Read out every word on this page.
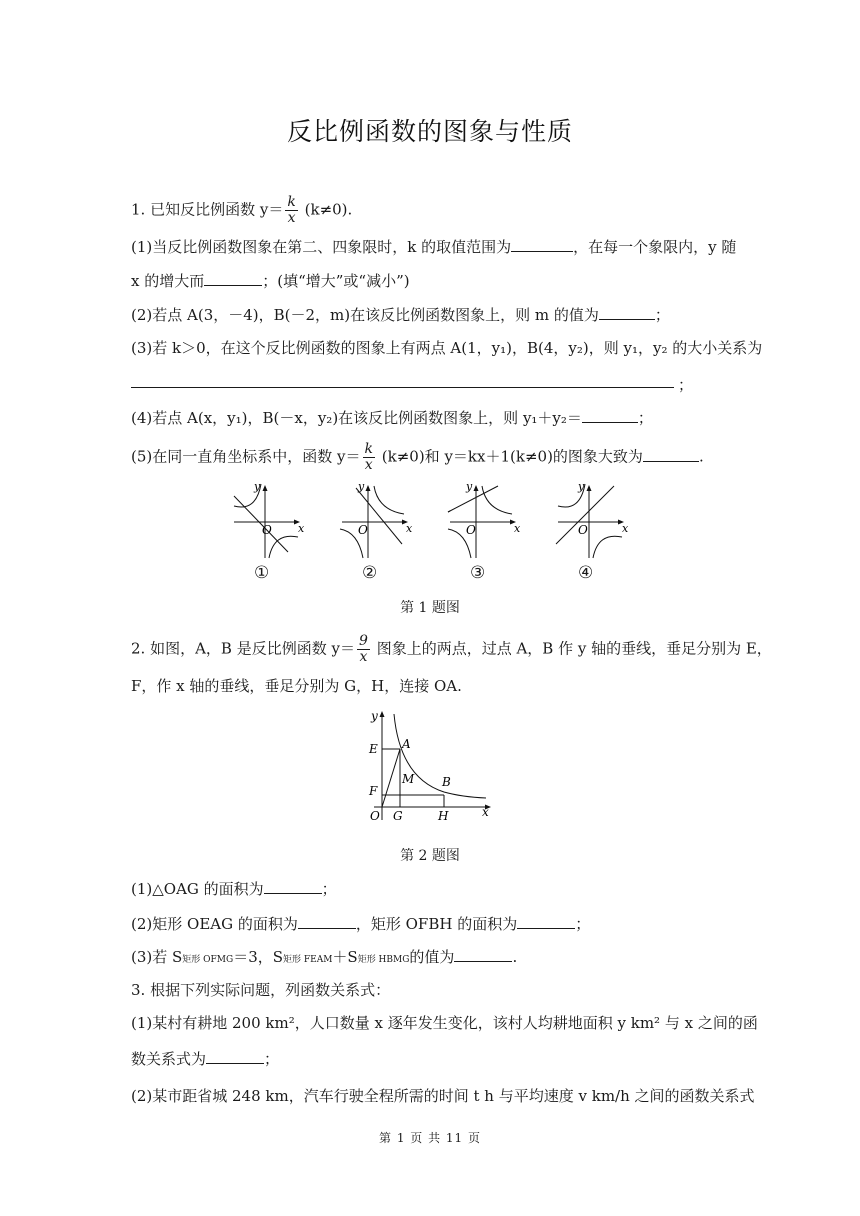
反比例函数的图象与性质
1. 已知反比例函数 $y= \frac{k}{x} (k\ne 0)$.
(1)当反比例函数图象在第二、四象限时，k 的取值范围为	，在每一个象限内，y 随
x 的增大而	；(填“增大”或“减小”)
(2)若点 A(3，－4)，B(－2，m)在该反比例函数图象上，则 m 的值为	；
(3)若 k＞0，在这个反比例函数的图象上有两点 A(1，y₁)，B(4，y₂)，则 y₁，y₂ 的大小关系为
；
(4)若点 A(x，y₁)，B(－x，y₂)在该反比例函数图象上，则 y₁＋y₂＝	；
(5)在同一直角坐标系中，函数 $y= \frac{k}{x} (k\ne 0)$和 y＝kx＋1(k≠0)的图象大致为	.
y
x
O
①
y
x
O
②
y
x
O
③
y
x
O
④
第 1 题图
2. 如图，A，B 是反比例函数 $y= \frac{9}{x}$ 图象上的两点，过点 A，B 作 y 轴的垂线，垂足分别为 E，
F，作 x 轴的垂线，垂足分别为 G，H，连接 OA.
y
x
E A
M B
F
O G	H
第 2 题图
(1)△OAG 的面积为	；
(2)矩形 OEAG 的面积为	，矩形 OFBH 的面积为	；
(3)若 S矩形 OFMG＝3，S矩形 FEAM＋S矩形 HBMG的值为	.
3. 根据下列实际问题，列函数关系式：
(1)某村有耕地 200 km²，人口数量 x 逐年发生变化，该村人均耕地面积 y km² 与 x 之间的函
数关系式为	；
(2)某市距省城 248 km，汽车行驶全程所需的时间 t h 与平均速度 v km/h 之间的函数关系式
第 1 页 共 11 页
